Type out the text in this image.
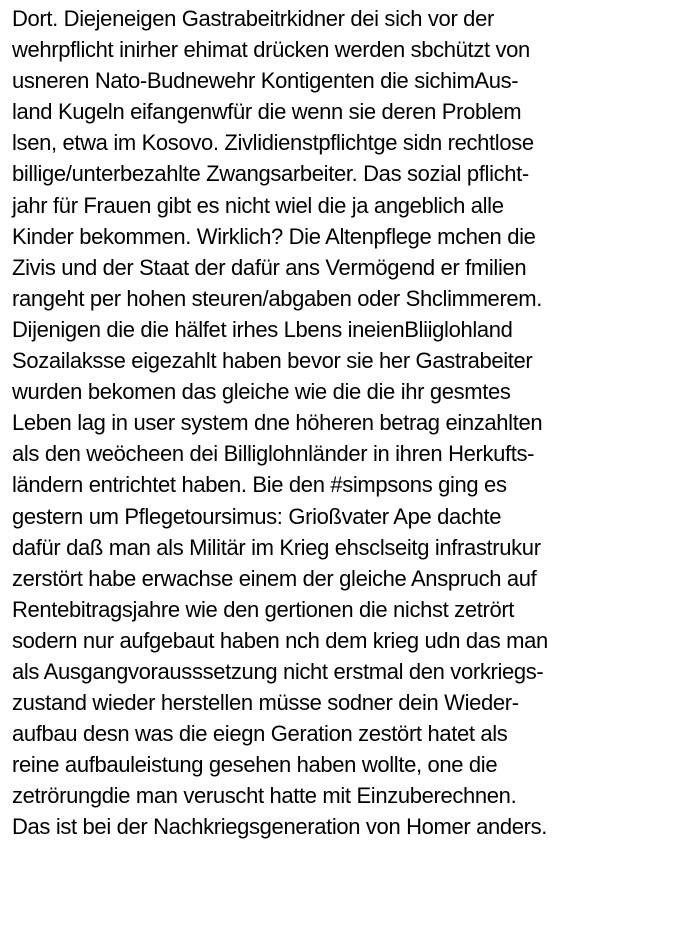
Dort. Diejeneigen Gastrabeitrkidner dei sich vor der
wehrpflicht inirher ehimat drücken werden sbchützt von
usneren Nato-Budnewehr Kontigenten die sichimAus-
land Kugeln eifangenwfür die wenn sie deren Problem
lsen, etwa im Kosovo. Zivlidienstpflichtge sidn rechtlose
billige/unterbezahlte Zwangsarbeiter. Das sozial pflicht-
jahr für Frauen gibt es nicht wiel die ja angeblich alle
Kinder bekommen. Wirklich? Die Altenpflege mchen die
Zivis und der Staat der dafür ans Vermögend er fmilien
rangeht per hohen steuren/abgaben oder Shclimmerem.
Dijenigen die die hälfet irhes Lbens ineienBliiglohland
Sozailaksse eigezahlt haben bevor sie her Gastrabeiter
wurden bekomen das gleiche wie die die ihr gesmtes
Leben lag in user system dne höheren betrag einzahlten
als den weöcheen dei Billiglohnländer in ihren Herkufts-
ländern entrichtet haben. Bie den #simpsons ging es
gestern um Pflegetoursimus: Grioßvater Ape dachte
dafür daß man als Militär im Krieg ehsclseitg infrastrukur
zerstört habe erwachse einem der gleiche Anspruch auf
Rentebitragsjahre wie den gertionen die nichst zetrört
sodern nur aufgebaut haben nch dem krieg udn das man
als Ausgangvorausssetzung nicht erstmal den vorkriegs-
zustand wieder herstellen müsse sodner dein Wieder-
aufbau desn was die eiegn Geration zestört hatet als
reine aufbauleistung gesehen haben wollte, one die
zetrörungdie man veruscht hatte mit Einzuberechnen.
Das ist bei der Nachkriegsgeneration von Homer anders.
